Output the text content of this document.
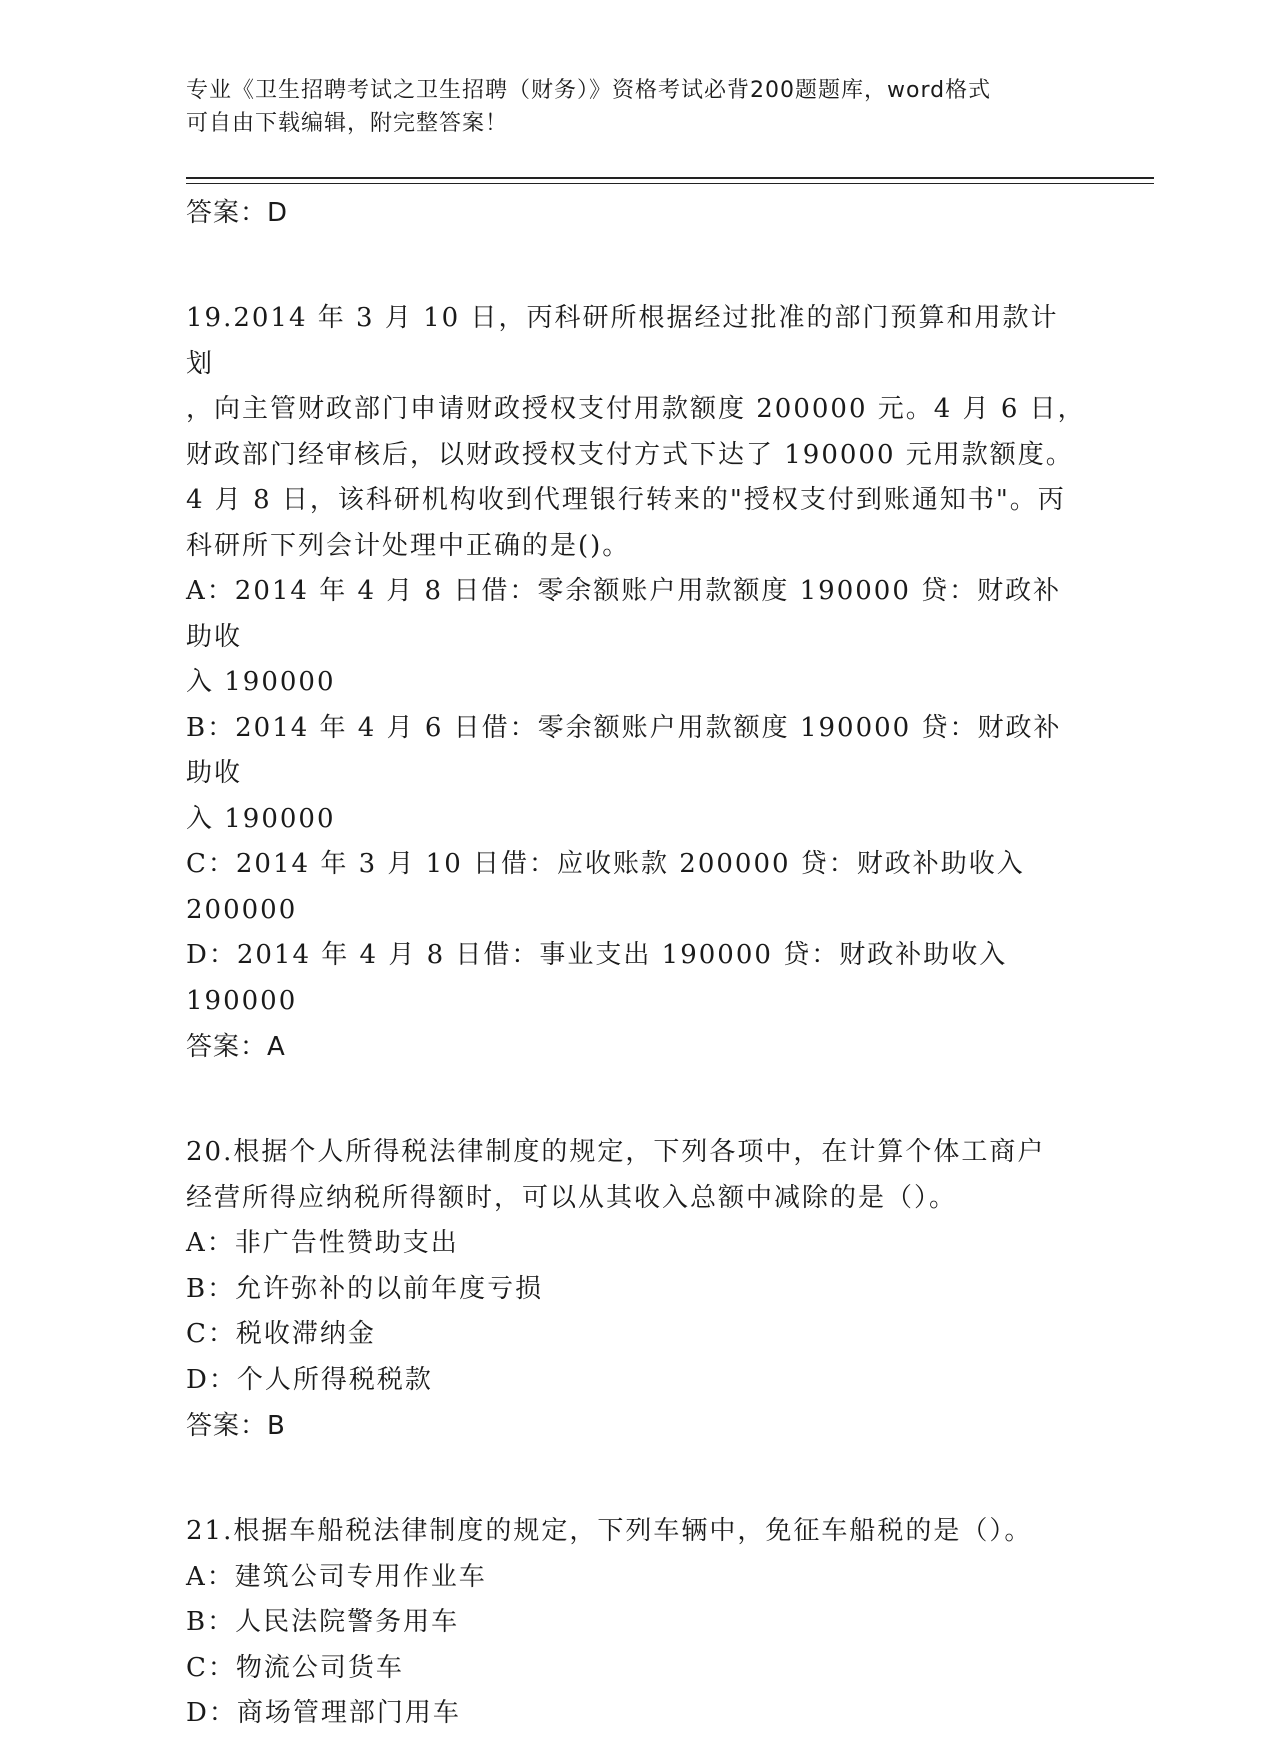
专业《卫生招聘考试之卫生招聘（财务）》资格考试必背200题题库，word格式
可自由下载编辑，附完整答案！
答案：D
19.2014 年 3 月 10 日，丙科研所根据经过批准的部门预算和用款计划
，向主管财政部门申请财政授权支付用款额度 200000 元。4 月 6 日，
财政部门经审核后，以财政授权支付方式下达了 190000 元用款额度。
4 月 8 日，该科研机构收到代理银行转来的"授权支付到账通知书"。丙
科研所下列会计处理中正确的是()。
A：2014 年 4 月 8 日借：零余额账户用款额度 190000 贷：财政补助收
入 190000
B：2014 年 4 月 6 日借：零余额账户用款额度 190000 贷：财政补助收
入 190000
C：2014 年 3 月 10 日借：应收账款 200000 贷：财政补助收入 200000
D：2014 年 4 月 8 日借：事业支出 190000 贷：财政补助收入 190000
答案：A
20.根据个人所得税法律制度的规定，下列各项中，在计算个体工商户
经营所得应纳税所得额时，可以从其收入总额中减除的是（）。
A：非广告性赞助支出
B：允许弥补的以前年度亏损
C：税收滞纳金
D：个人所得税税款
答案：B
21.根据车船税法律制度的规定，下列车辆中，免征车船税的是（）。
A：建筑公司专用作业车
B：人民法院警务用车
C：物流公司货车
D：商场管理部门用车
